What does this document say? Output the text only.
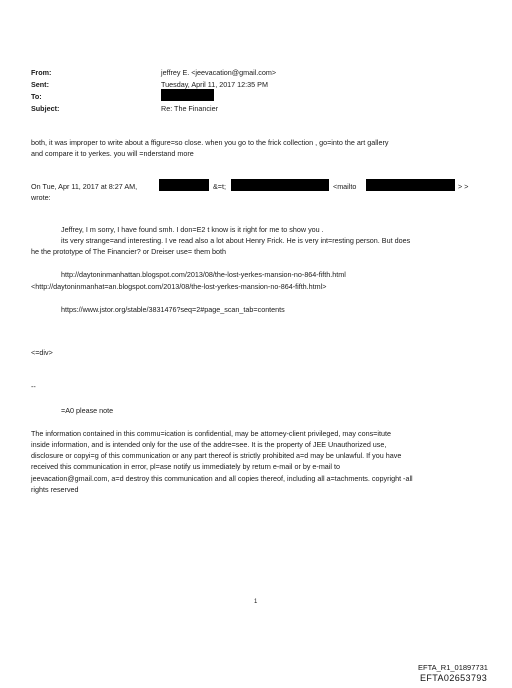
From:	jeffrey E. <jeevacation@gmail.com>
Sent:	Tuesday, April 11, 2017 12:35 PM
To:
Subject:	Re: The Financier
both, it was improper to write about a ffigure=so close. when you go to the frick collection , go=into the art gallery
and compare it to yerkes. you will =nderstand more
On Tue, Apr 11, 2017 at 8:27 AM,	&=t;	<mailto	> >
wrote:
Jeffrey, I m sorry, I have found smh. I don=E2 t know is it right for me to show you .
its very strange=and interesting. I ve read also a lot about Henry Frick. He is very int=resting person. But does
he the prototype of The Financier? or Dreiser use= them both
http://daytoninmanhattan.blogspot.com/2013/08/the-lost-yerkes-mansion-no-864-fifth.html
<http://daytoninmanhat=an.blogspot.com/2013/08/the-lost-yerkes-mansion-no-864-fifth.html>
https://www.jstor.org/stable/3831476?seq=2#page_scan_tab=contents
<=div>
--
=A0 please note
The information contained in this commu=ication is confidential, may be attorney-client privileged, may cons=itute
inside information, and is intended only for the use of the addre=see. It is the property of JEE Unauthorized use,
disclosure or copyi=g of this communication or any part thereof is strictly prohibited a=d may be unlawful. If you have
received this communication in error, pl=ase notify us immediately by return e-mail or by e-mail to
jeevacation@gmail.com, a=d destroy this communication and all copies thereof, including all a=tachments. copyright -all
rights reserved
1
EFTA_R1_01897731
EFTA02653793
